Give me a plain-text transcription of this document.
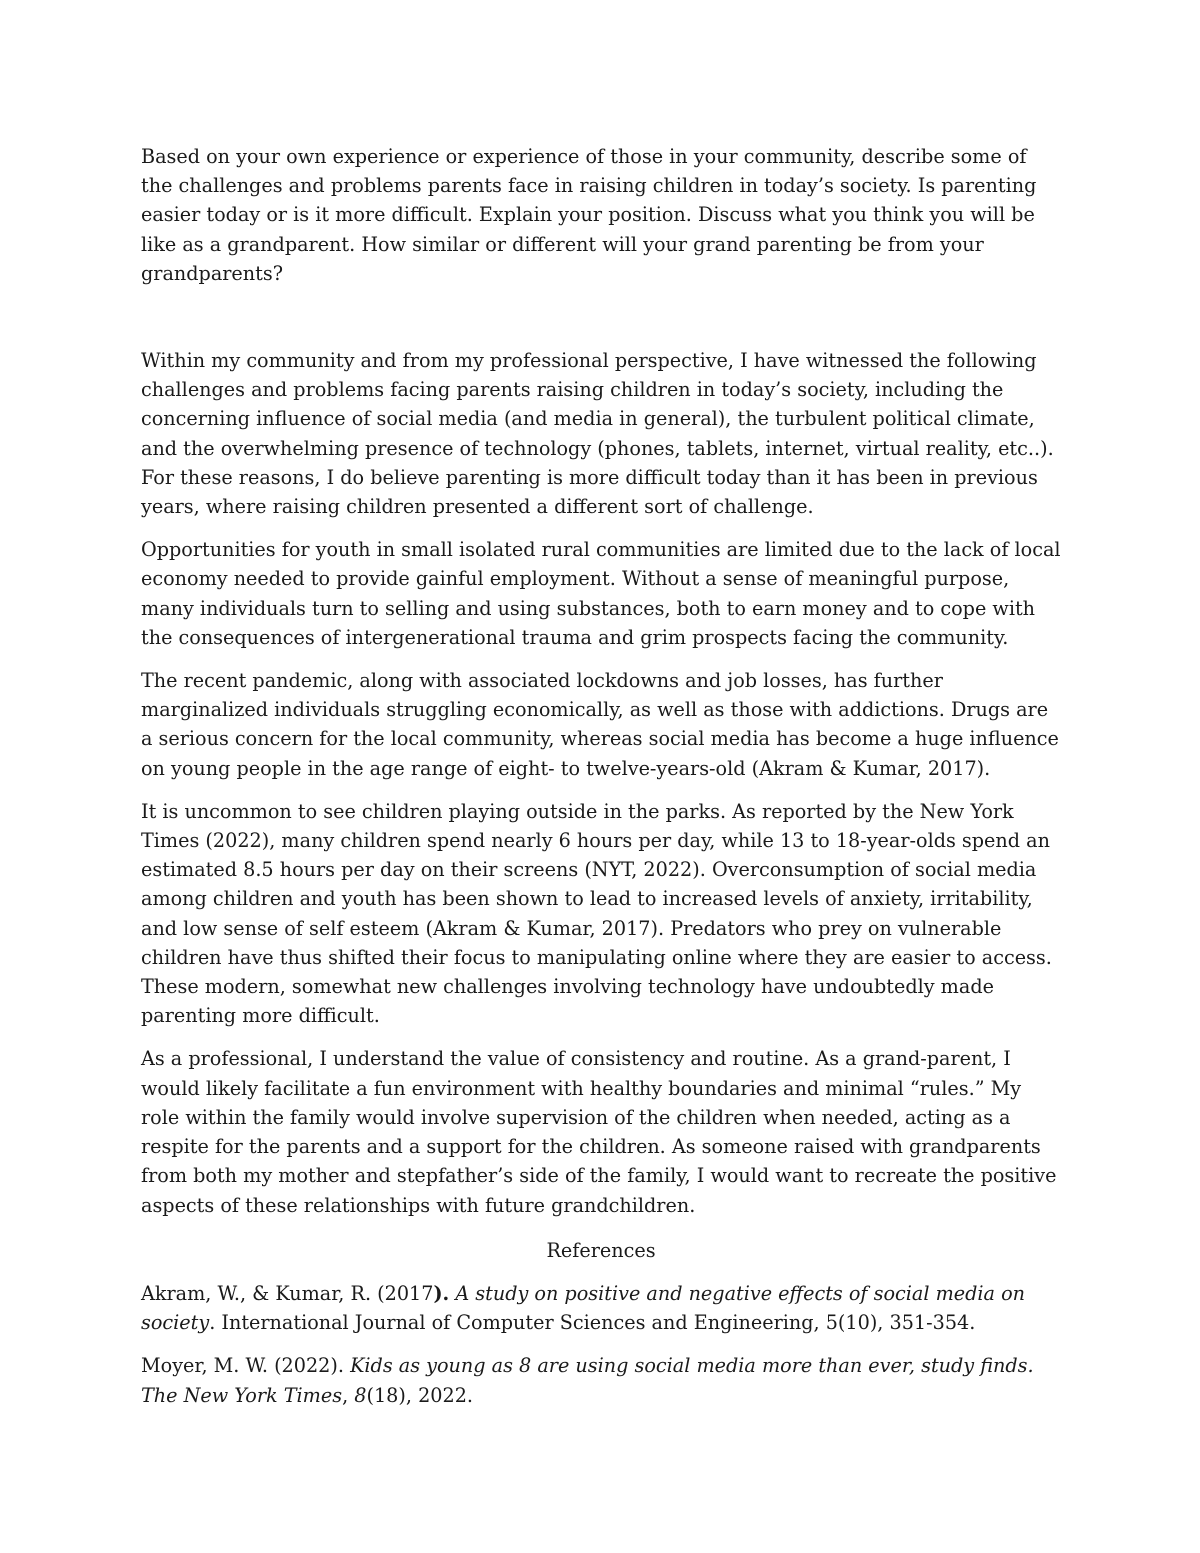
Based on your own experience or experience of those in your community, describe some of the challenges and problems parents face in raising children in today’s society. Is parenting easier today or is it more difficult. Explain your position. Discuss what you think you will be like as a grandparent. How similar or different will your grand parenting be from your grandparents?

Within my community and from my professional perspective, I have witnessed the following challenges and problems facing parents raising children in today’s society, including the concerning influence of social media (and media in general), the turbulent political climate, and the overwhelming presence of technology (phones, tablets, internet, virtual reality, etc..). For these reasons, I do believe parenting is more difficult today than it has been in previous years, where raising children presented a different sort of challenge.

Opportunities for youth in small isolated rural communities are limited due to the lack of local economy needed to provide gainful employment. Without a sense of meaningful purpose, many individuals turn to selling and using substances, both to earn money and to cope with the consequences of intergenerational trauma and grim prospects facing the community.

The recent pandemic, along with associated lockdowns and job losses, has further marginalized individuals struggling economically, as well as those with addictions. Drugs are a serious concern for the local community, whereas social media has become a huge influence on young people in the age range of eight- to twelve-years-old (Akram & Kumar, 2017).

It is uncommon to see children playing outside in the parks. As reported by the New York Times (2022), many children spend nearly 6 hours per day, while 13 to 18-year-olds spend an estimated 8.5 hours per day on their screens (NYT, 2022). Overconsumption of social media among children and youth has been shown to lead to increased levels of anxiety, irritability, and low sense of self esteem (Akram & Kumar, 2017). Predators who prey on vulnerable children have thus shifted their focus to manipulating online where they are easier to access. These modern, somewhat new challenges involving technology have undoubtedly made parenting more difficult.

As a professional, I understand the value of consistency and routine. As a grand-parent, I would likely facilitate a fun environment with healthy boundaries and minimal “rules.” My role within the family would involve supervision of the children when needed, acting as a respite for the parents and a support for the children. As someone raised with grandparents from both my mother and stepfather’s side of the family, I would want to recreate the positive aspects of these relationships with future grandchildren.

References

Akram, W., & Kumar, R. (2017). A study on positive and negative effects of social media on society. International Journal of Computer Sciences and Engineering, 5(10), 351-354.

Moyer, M. W. (2022). Kids as young as 8 are using social media more than ever, study finds. The New York Times, 8(18), 2022.
